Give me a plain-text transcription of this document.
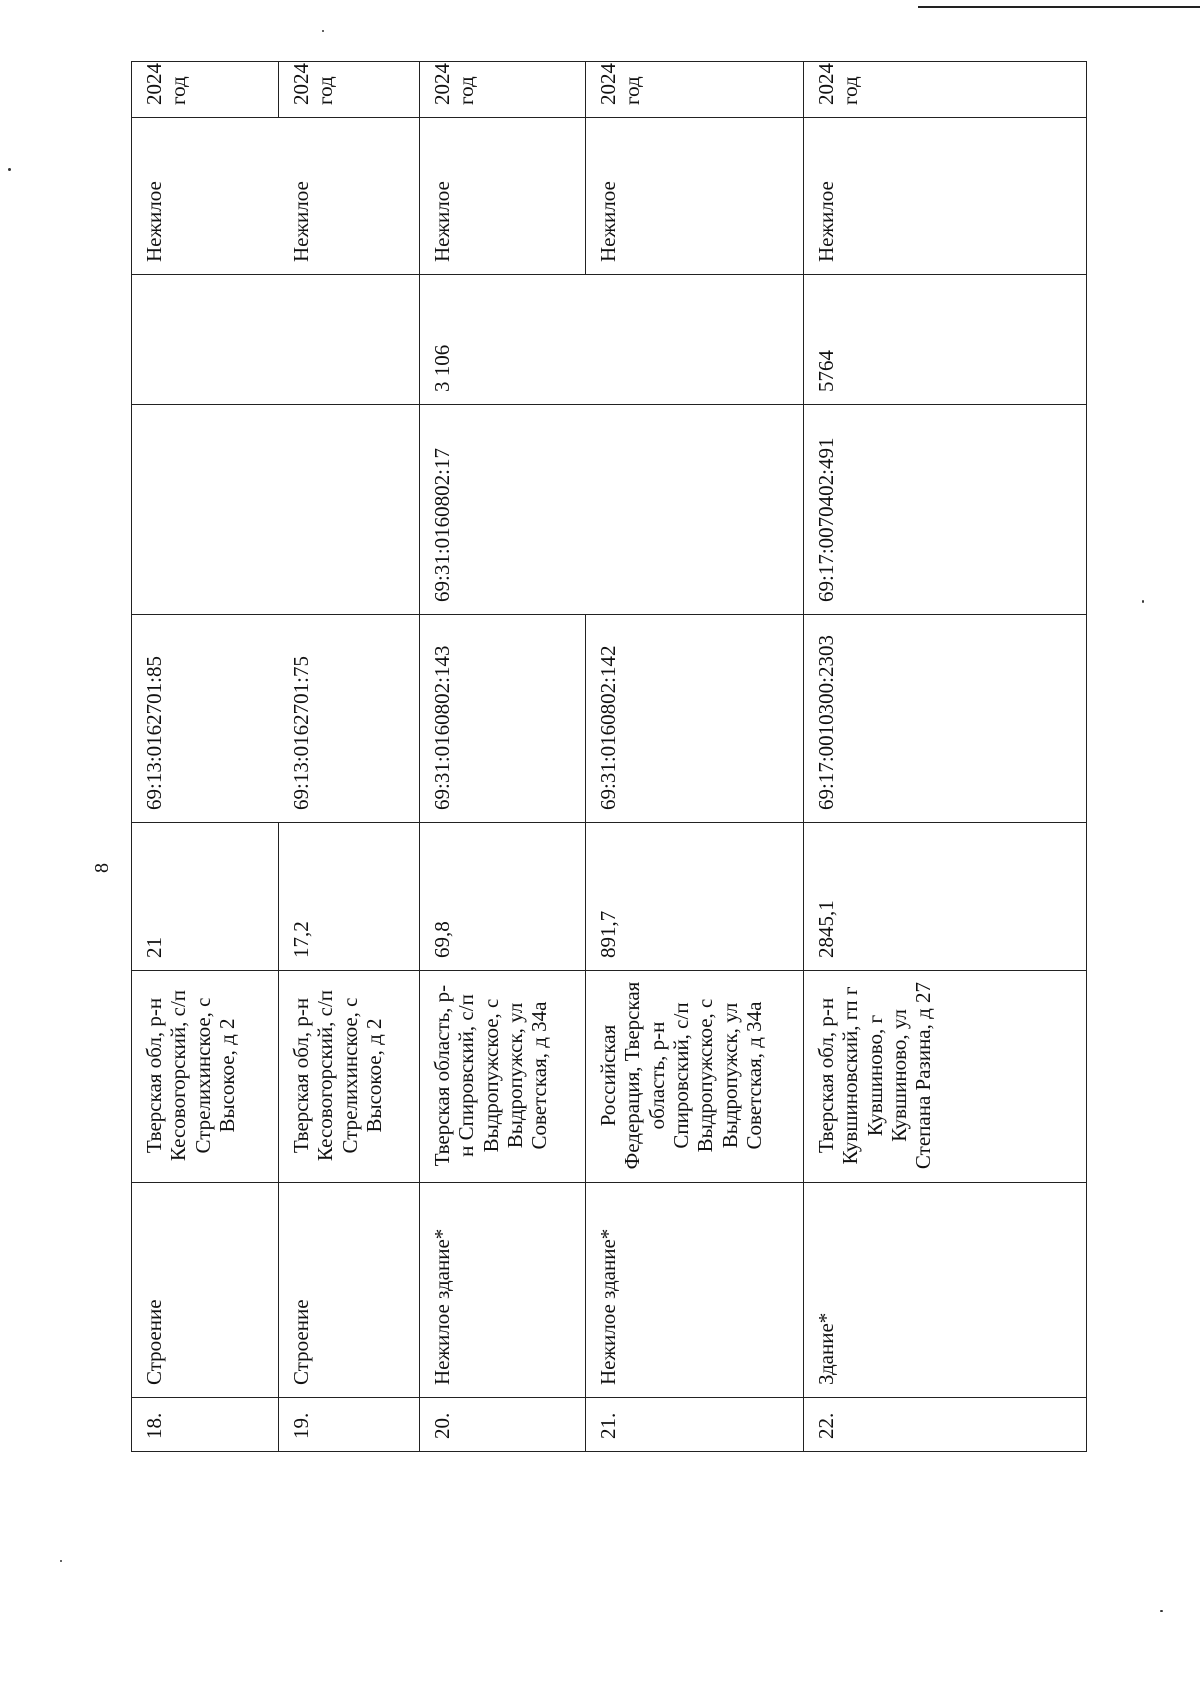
8
18.	Строение	Тверская обл, р-н Кесовогорский, с/п Стрелихинское, с Высокое, д 2	21	69:13:0162701:85			Нежилое	2024 год
19.	Строение	Тверская обл, р-н Кесовогорский, с/п Стрелихинское, с Высокое, д 2	17,2	69:13:0162701:75			Нежилое	2024 год
20.	Нежилое здание*	Тверская область, р-н Спировский, с/п Выдропужское, с Выдропужск, ул Советская, д 34а	69,8	69:31:0160802:143	69:31:0160802:17	3 106	Нежилое	2024 год
21.	Нежилое здание*	Российская Федерация, Тверская область, р-н Спировский, с/п Выдропужское, с Выдропужск, ул Советская, д 34а	891,7	69:31:0160802:142			Нежилое	2024 год
22.	Здание*	Тверская обл, р-н Кувшиновский, гп г Кувшиново, г Кувшиново, ул Степана Разина, д 27	2845,1	69:17:0010300:2303	69:17:0070402:491	5764	Нежилое	2024 год
